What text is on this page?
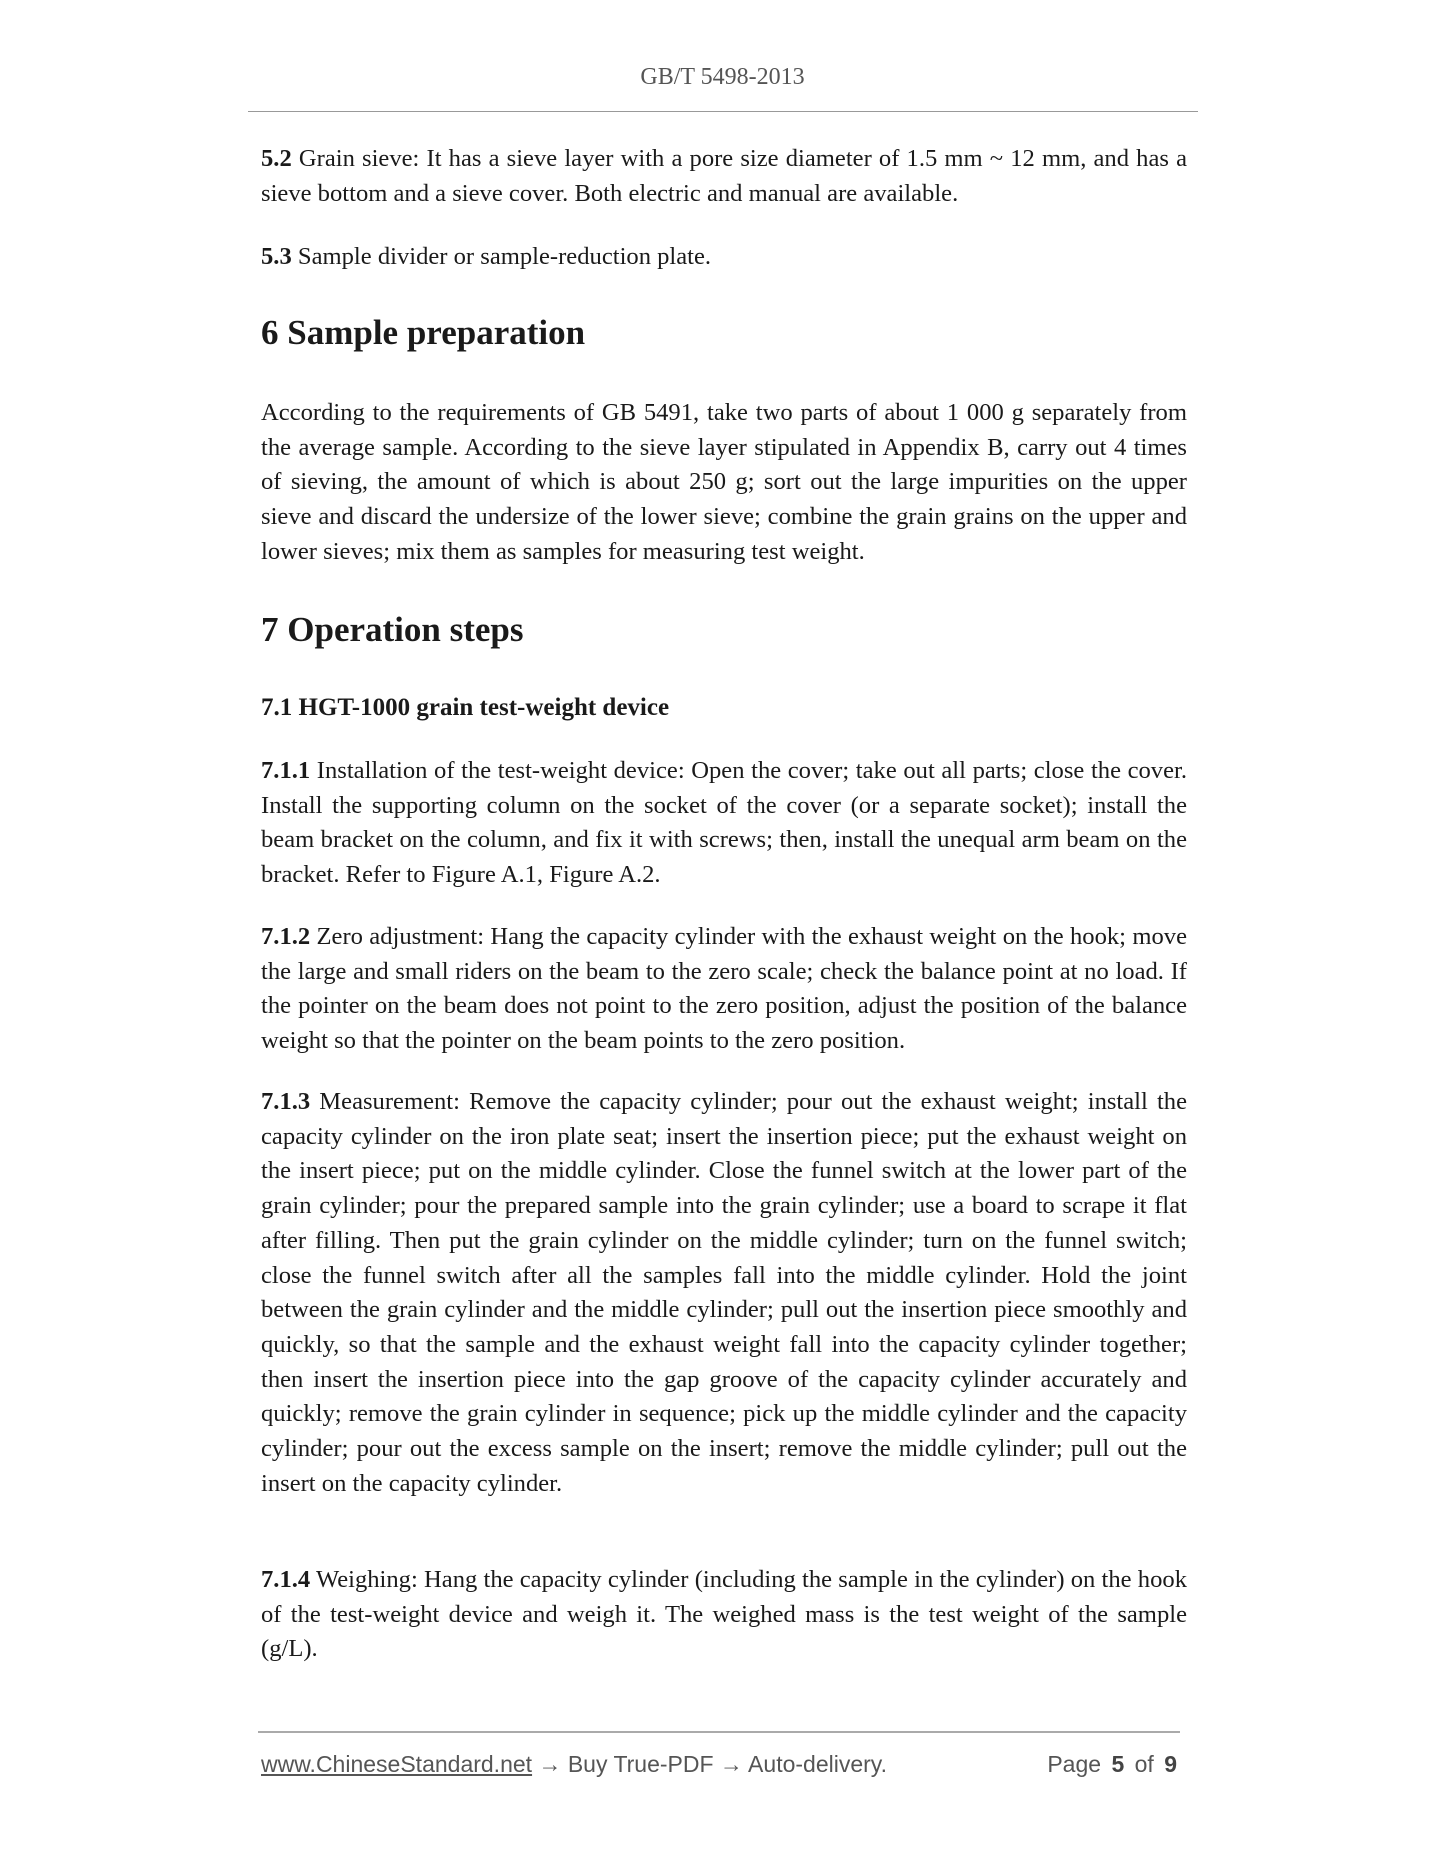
GB/T 5498-2013
5.2 Grain sieve: It has a sieve layer with a pore size diameter of 1.5 mm ~ 12 mm, and has a sieve bottom and a sieve cover. Both electric and manual are available.
5.3 Sample divider or sample-reduction plate.
6 Sample preparation
According to the requirements of GB 5491, take two parts of about 1 000 g separately from the average sample. According to the sieve layer stipulated in Appendix B, carry out 4 times of sieving, the amount of which is about 250 g; sort out the large impurities on the upper sieve and discard the undersize of the lower sieve; combine the grain grains on the upper and lower sieves; mix them as samples for measuring test weight.
7 Operation steps
7.1 HGT-1000 grain test-weight device
7.1.1 Installation of the test-weight device: Open the cover; take out all parts; close the cover. Install the supporting column on the socket of the cover (or a separate socket); install the beam bracket on the column, and fix it with screws; then, install the unequal arm beam on the bracket. Refer to Figure A.1, Figure A.2.
7.1.2 Zero adjustment: Hang the capacity cylinder with the exhaust weight on the hook; move the large and small riders on the beam to the zero scale; check the balance point at no load. If the pointer on the beam does not point to the zero position, adjust the position of the balance weight so that the pointer on the beam points to the zero position.
7.1.3 Measurement: Remove the capacity cylinder; pour out the exhaust weight; install the capacity cylinder on the iron plate seat; insert the insertion piece; put the exhaust weight on the insert piece; put on the middle cylinder. Close the funnel switch at the lower part of the grain cylinder; pour the prepared sample into the grain cylinder; use a board to scrape it flat after filling. Then put the grain cylinder on the middle cylinder; turn on the funnel switch; close the funnel switch after all the samples fall into the middle cylinder. Hold the joint between the grain cylinder and the middle cylinder; pull out the insertion piece smoothly and quickly, so that the sample and the exhaust weight fall into the capacity cylinder together; then insert the insertion piece into the gap groove of the capacity cylinder accurately and quickly; remove the grain cylinder in sequence; pick up the middle cylinder and the capacity cylinder; pour out the excess sample on the insert; remove the middle cylinder; pull out the insert on the capacity cylinder.
7.1.4 Weighing: Hang the capacity cylinder (including the sample in the cylinder) on the hook of the test-weight device and weigh it. The weighed mass is the test weight of the sample (g/L).
www.ChineseStandard.net → Buy True-PDF → Auto-delivery.	Page 5 of 9
